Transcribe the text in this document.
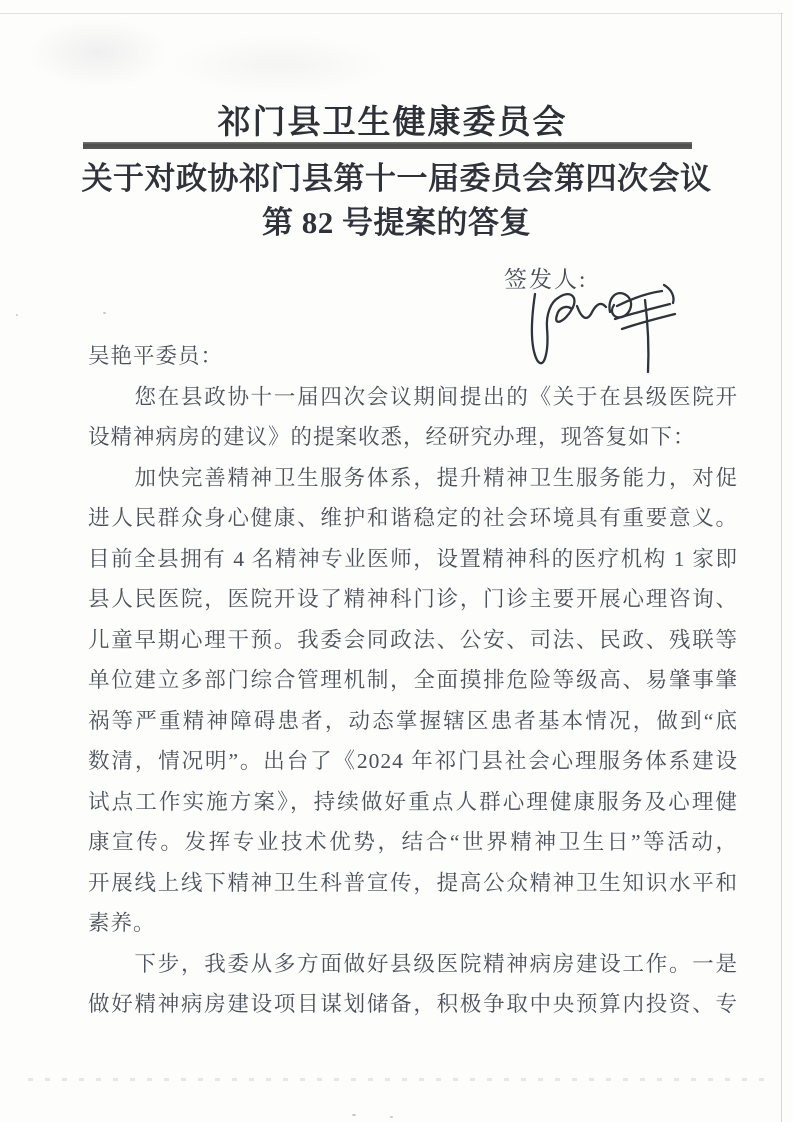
祁门县卫生健康委员会
关于对政协祁门县第十一届委员会第四次会议
第 82 号提案的答复
签发人:
吴艳平委员：
　　您在县政协十一届四次会议期间提出的《关于在县级医院开
设精神病房的建议》的提案收悉，经研究办理，现答复如下：
　　加快完善精神卫生服务体系，提升精神卫生服务能力，对促
进人民群众身心健康、维护和谐稳定的社会环境具有重要意义。
目前全县拥有 4 名精神专业医师，设置精神科的医疗机构 1 家即
县人民医院，医院开设了精神科门诊，门诊主要开展心理咨询、
儿童早期心理干预。我委会同政法、公安、司法、民政、残联等
单位建立多部门综合管理机制，全面摸排危险等级高、易肇事肇
祸等严重精神障碍患者，动态掌握辖区患者基本情况，做到“底
数清，情况明”。出台了《2024 年祁门县社会心理服务体系建设
试点工作实施方案》，持续做好重点人群心理健康服务及心理健
康宣传。发挥专业技术优势，结合“世界精神卫生日”等活动，
开展线上线下精神卫生科普宣传，提高公众精神卫生知识水平和
素养。
　　下步，我委从多方面做好县级医院精神病房建设工作。一是
做好精神病房建设项目谋划储备，积极争取中央预算内投资、专
